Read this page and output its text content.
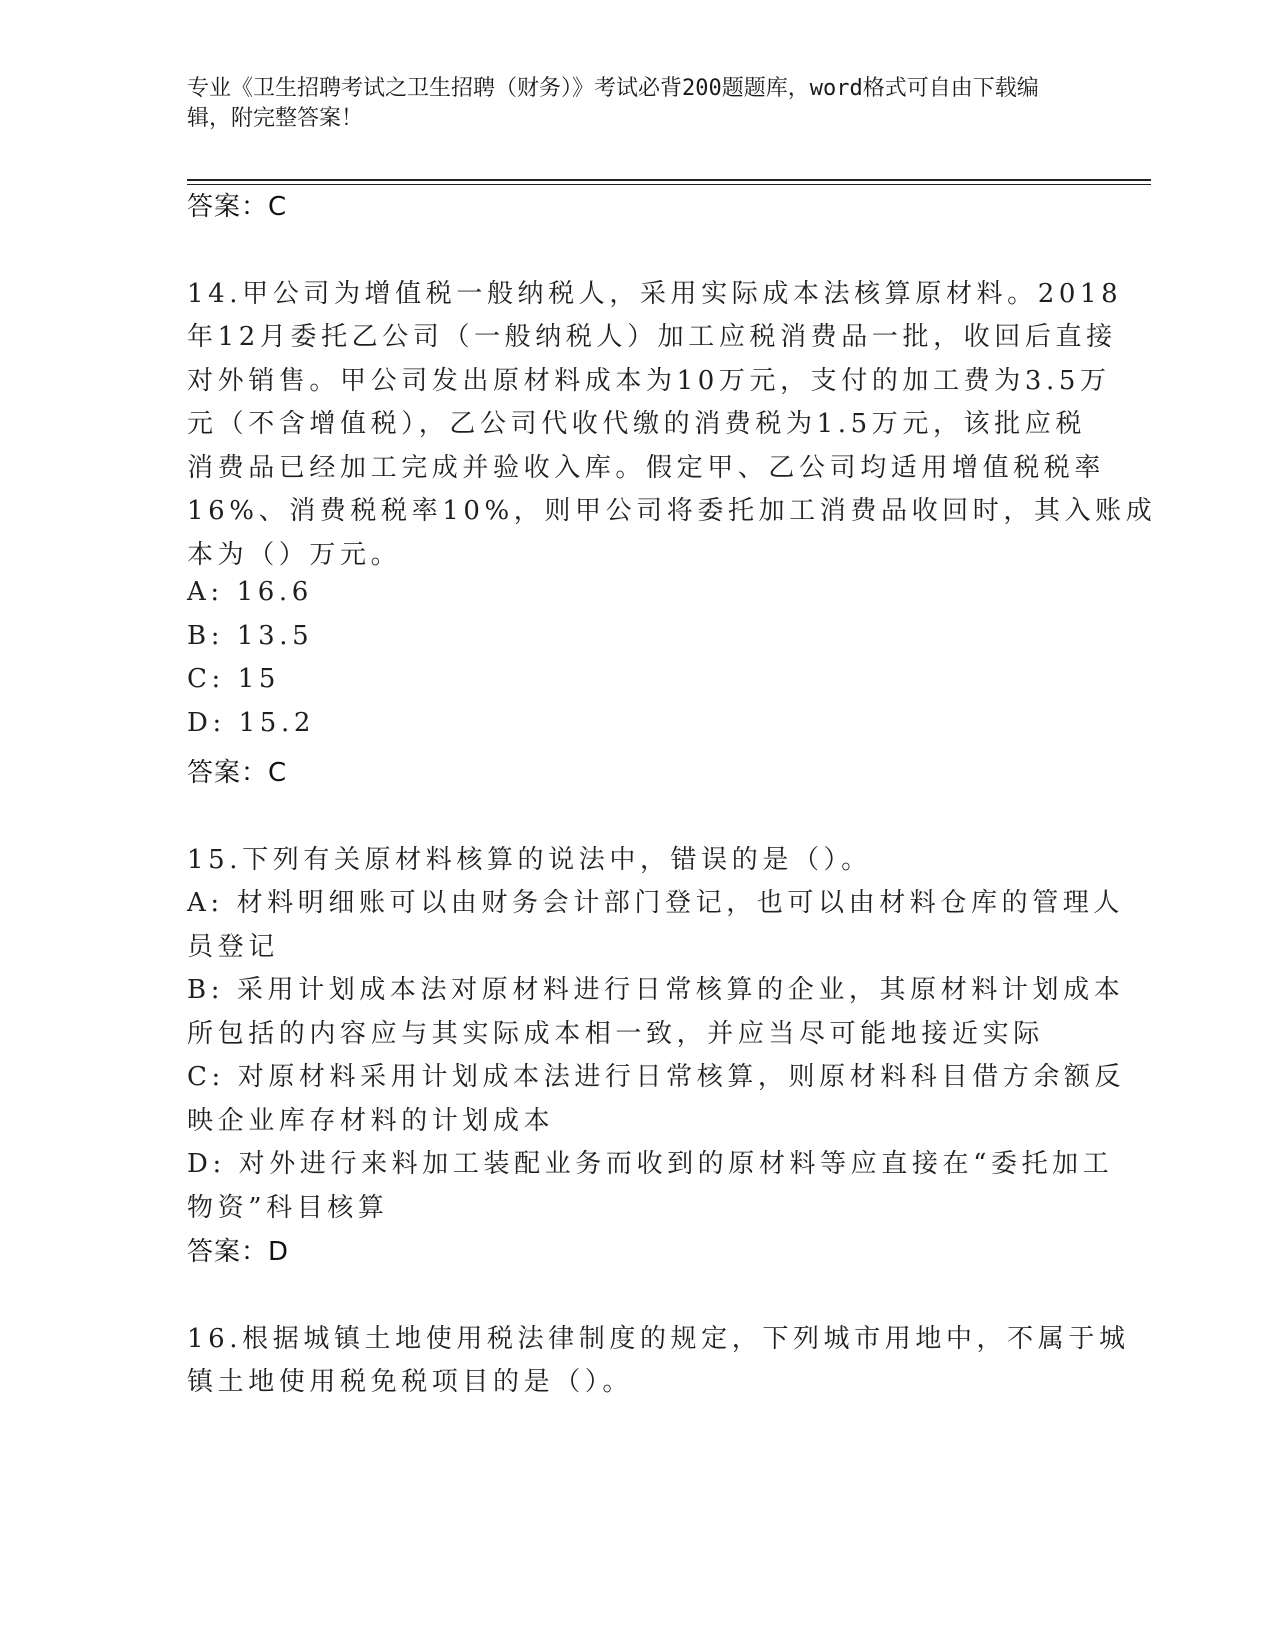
专业《卫生招聘考试之卫生招聘（财务）》考试必背200题题库，word格式可自由下载编辑，附完整答案！
答案：C
14.甲公司为增值税一般纳税人，采用实际成本法核算原材料。2018
年12月委托乙公司（一般纳税人）加工应税消费品一批，收回后直接
对外销售。甲公司发出原材料成本为10万元，支付的加工费为3.5万
元（不含增值税），乙公司代收代缴的消费税为1.5万元，该批应税
消费品已经加工完成并验收入库。假定甲、乙公司均适用增值税税率
16%、消费税税率10%，则甲公司将委托加工消费品收回时，其入账成
本为（）万元。
A: 16.6
B: 13.5
C: 15
D: 15.2
答案：C
15.下列有关原材料核算的说法中，错误的是（）。
A: 材料明细账可以由财务会计部门登记，也可以由材料仓库的管理人
员登记
B: 采用计划成本法对原材料进行日常核算的企业，其原材料计划成本
所包括的内容应与其实际成本相一致，并应当尽可能地接近实际
C: 对原材料采用计划成本法进行日常核算，则原材料科目借方余额反
映企业库存材料的计划成本
D: 对外进行来料加工装配业务而收到的原材料等应直接在“委托加工
物资”科目核算
答案：D
16.根据城镇土地使用税法律制度的规定，下列城市用地中，不属于城
镇土地使用税免税项目的是（）。
